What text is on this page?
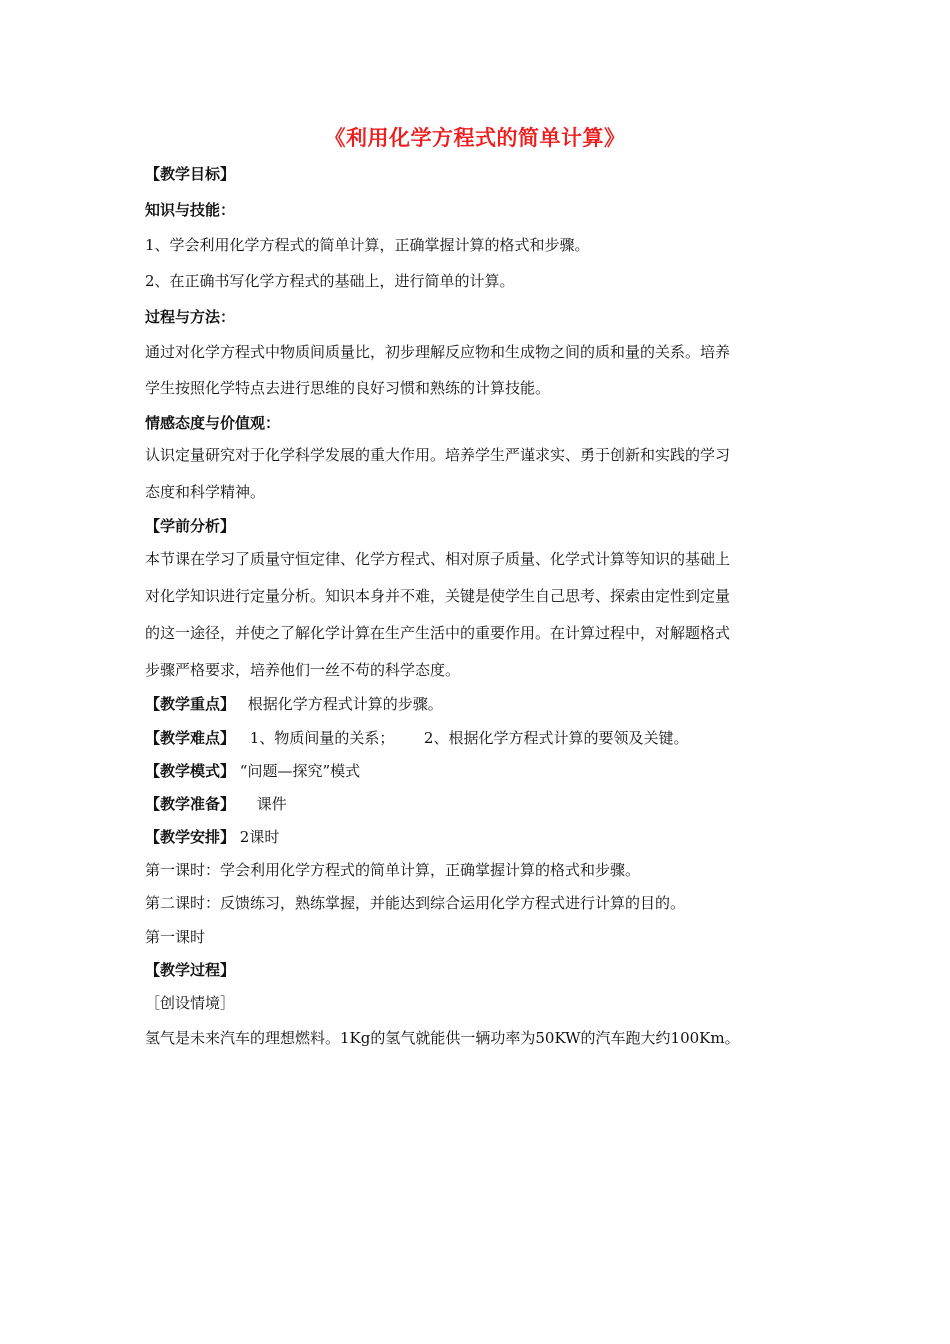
《利用化学方程式的简单计算》
【教学目标】
知识与技能：
1、学会利用化学方程式的简单计算，正确掌握计算的格式和步骤。
2、在正确书写化学方程式的基础上，进行简单的计算。
过程与方法：
通过对化学方程式中物质间质量比，初步理解反应物和生成物之间的质和量的关系。培养
学生按照化学特点去进行思维的良好习惯和熟练的计算技能。
情感态度与价值观：
认识定量研究对于化学科学发展的重大作用。培养学生严谨求实、勇于创新和实践的学习
态度和科学精神。
【学前分析】
本节课在学习了质量守恒定律、化学方程式、相对原子质量、化学式计算等知识的基础上
对化学知识进行定量分析。知识本身并不难，关键是使学生自己思考、探索由定性到定量
的这一途径，并使之了解化学计算在生产生活中的重要作用。在计算过程中，对解题格式
步骤严格要求，培养他们一丝不苟的科学态度。
【教学重点】 根据化学方程式计算的步骤。
【教学难点】 1、物质间量的关系； 2、根据化学方程式计算的要领及关键。
【教学模式】 “问题—探究”模式
【教学准备】 课件
【教学安排】 2课时
第一课时：学会利用化学方程式的简单计算，正确掌握计算的格式和步骤。
第二课时：反馈练习，熟练掌握，并能达到综合运用化学方程式进行计算的目的。
第一课时
【教学过程】
［创设情境］
氢气是未来汽车的理想燃料。1Kg的氢气就能供一辆功率为50KW的汽车跑大约100Km。
